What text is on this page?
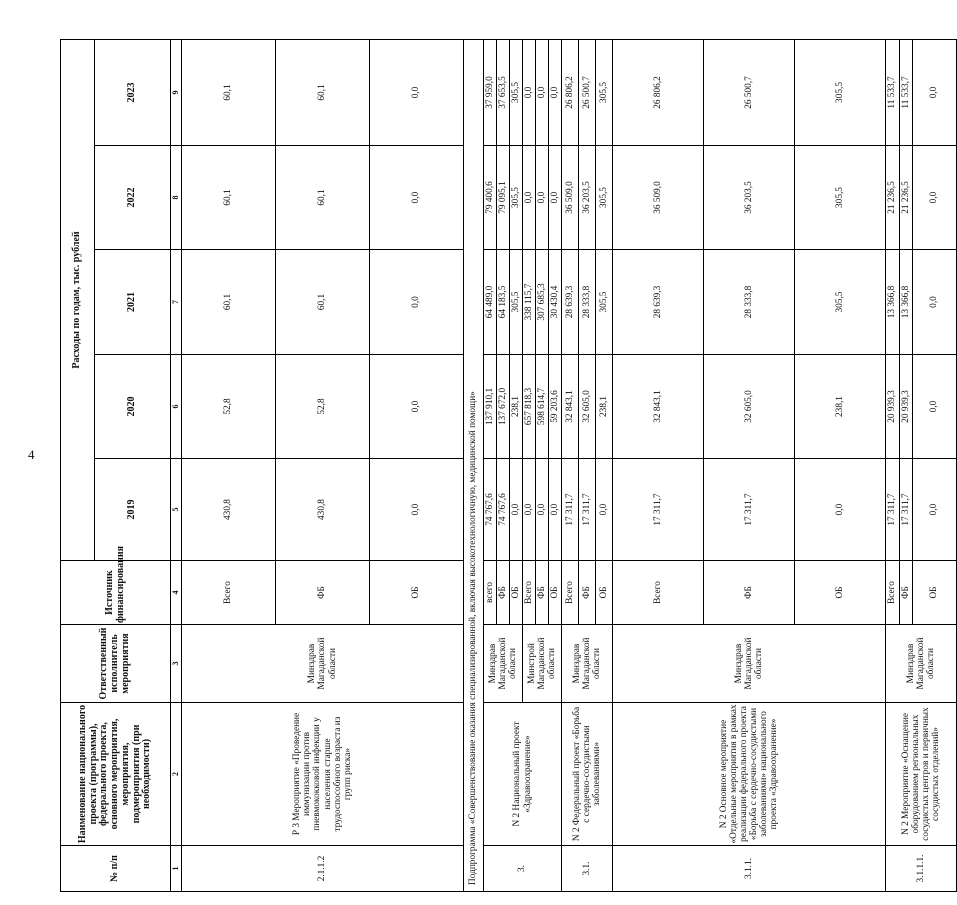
4
№ п/п	Наименование национального проекта (программы), федерального проекта, основного мероприятия, мероприятия, подмероприятия (при необходимости)	Ответственный исполнитель мероприятия	Источник финансирования	Расходы по годам, тыс. рублей				
				2019	2020	2021	2022	2023
1	2	3	4	5	6	7	8	9
2.1.1.2	Р 3 Мероприятие «Проведение иммунизации против пневмококковой инфекции у населения старше трудоспособного возраста из групп риска»	Минздрав Магаданской области	Всего	430,8	52,8	60,1	60,1	60,1
			ФБ	430,8	52,8	60,1	60,1	60,1
			ОБ	0,0	0,0	0,0	0,0	0,0
Подпрограмма «Совершенствование оказания специализированной, включая высокотехнологичную, медицинской помощи»								
3.	N 2 Национальный проект «Здравоохранение»	Минздрав Магаданской области	всего	74 767,6	137 910,1	64 489,0	79 400,6	37 959,0
			ФБ	74 767,6	137 672,0	64 183,5	79 095,1	37 653,5
			ОБ	0,0	238,1	305,5	305,5	305,5
		Минстрой Магаданской области	Всего	0,0	657 818,3	338 115,7	0,0	0,0
			ФБ	0,0	598 614,7	307 685,3	0,0	0,0
			ОБ	0,0	59 203,6	30 430,4	0,0	0,0
3.1.	N 2 Федеральный проект «Борьба с сердечно-сосудистыми заболеваниями»	Минздрав Магаданской области	Всего	17 311,7	32 843,1	28 639,3	36 509,0	26 806,2
			ФБ	17 311,7	32 605,0	28 333,8	36 203,5	26 500,7
			ОБ	0,0	238,1	305,5	305,5	305,5
3.1.1.	N 2 Основное мероприятие «Отдельные мероприятия в рамках реализации федерального проекта «Борьба с сердечно-сосудистыми заболеваниями» национального проекта «Здравоохранение»	Минздрав Магаданской области	Всего	17 311,7	32 843,1	28 639,3	36 509,0	26 806,2
			ФБ	17 311,7	32 605,0	28 333,8	36 203,5	26 500,7
			ОБ	0,0	238,1	305,5	305,5	305,5
3.1.1.1.	N 2 Мероприятие «Оснащение оборудованием региональных сосудистых центров и первичных сосудистых отделений»	Минздрав Магаданской области	Всего	17 311,7	20 939,3	13 366,8	21 236,5	11 533,7
			ФБ	17 311,7	20 939,3	13 366,8	21 236,5	11 533,7
			ОБ	0,0	0,0	0,0	0,0	0,0
